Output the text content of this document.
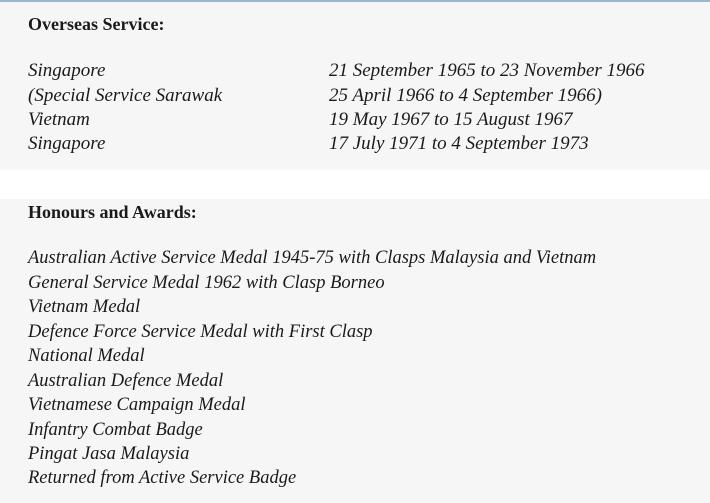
Overseas Service:
Singapore	21 September 1965 to 23 November 1966
(Special Service Sarawak	25 April 1966 to 4 September 1966)
Vietnam	19 May 1967 to 15 August 1967
Singapore	17 July 1971 to 4 September 1973
Honours and Awards:
Australian Active Service Medal 1945-75 with Clasps Malaysia and Vietnam
General Service Medal 1962 with Clasp Borneo
Vietnam Medal
Defence Force Service Medal with First Clasp
National Medal
Australian Defence Medal
Vietnamese Campaign Medal
Infantry Combat Badge
Pingat Jasa Malaysia
Returned from Active Service Badge
